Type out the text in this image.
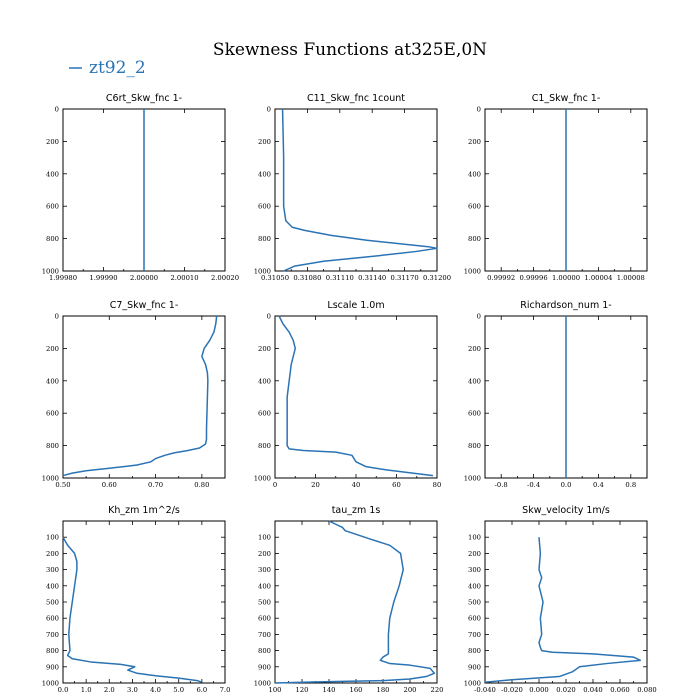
Skewness Functions at325E,0N
zt92_2
C6rt_Skw_fnc 1-
1.99980 1.99990 2.00000 2.00010 2.00020
0
200
400
600
800
1000
C11_Skw_fnc 1count
0.31050 0.31080 0.31110 0.31140 0.31170 0.31200
0
200
400
600
800
1000
C1_Skw_fnc 1-
0.99992 0.99996 1.00000 1.00004 1.00008
0
200
400
600
800
1000
C7_Skw_fnc 1-
0.50	0.60	0.70	0.80
0
200
400
600
800
1000
Lscale 1.0m
0	20	40	60	80
0
200
400
600
800
1000
Richardson_num 1-
-0.8	-0.4	0.0	0.4	0.8
0
200
400
600
800
1000
Kh_zm 1m^2/s
0.0 1.0 2.0 3.0 4.0 5.0 6.0 7.0
100
200
300
400
500
600
700
800
900
1000
tau_zm 1s
100 120 140 160 180 200 220
100
200
300
400
500
600
700
800
900
1000
Skw_velocity 1m/s
-0.040 -0.020 0.000 0.020 0.040 0.060 0.080
100
200
300
400
500
600
700
800
900
1000
